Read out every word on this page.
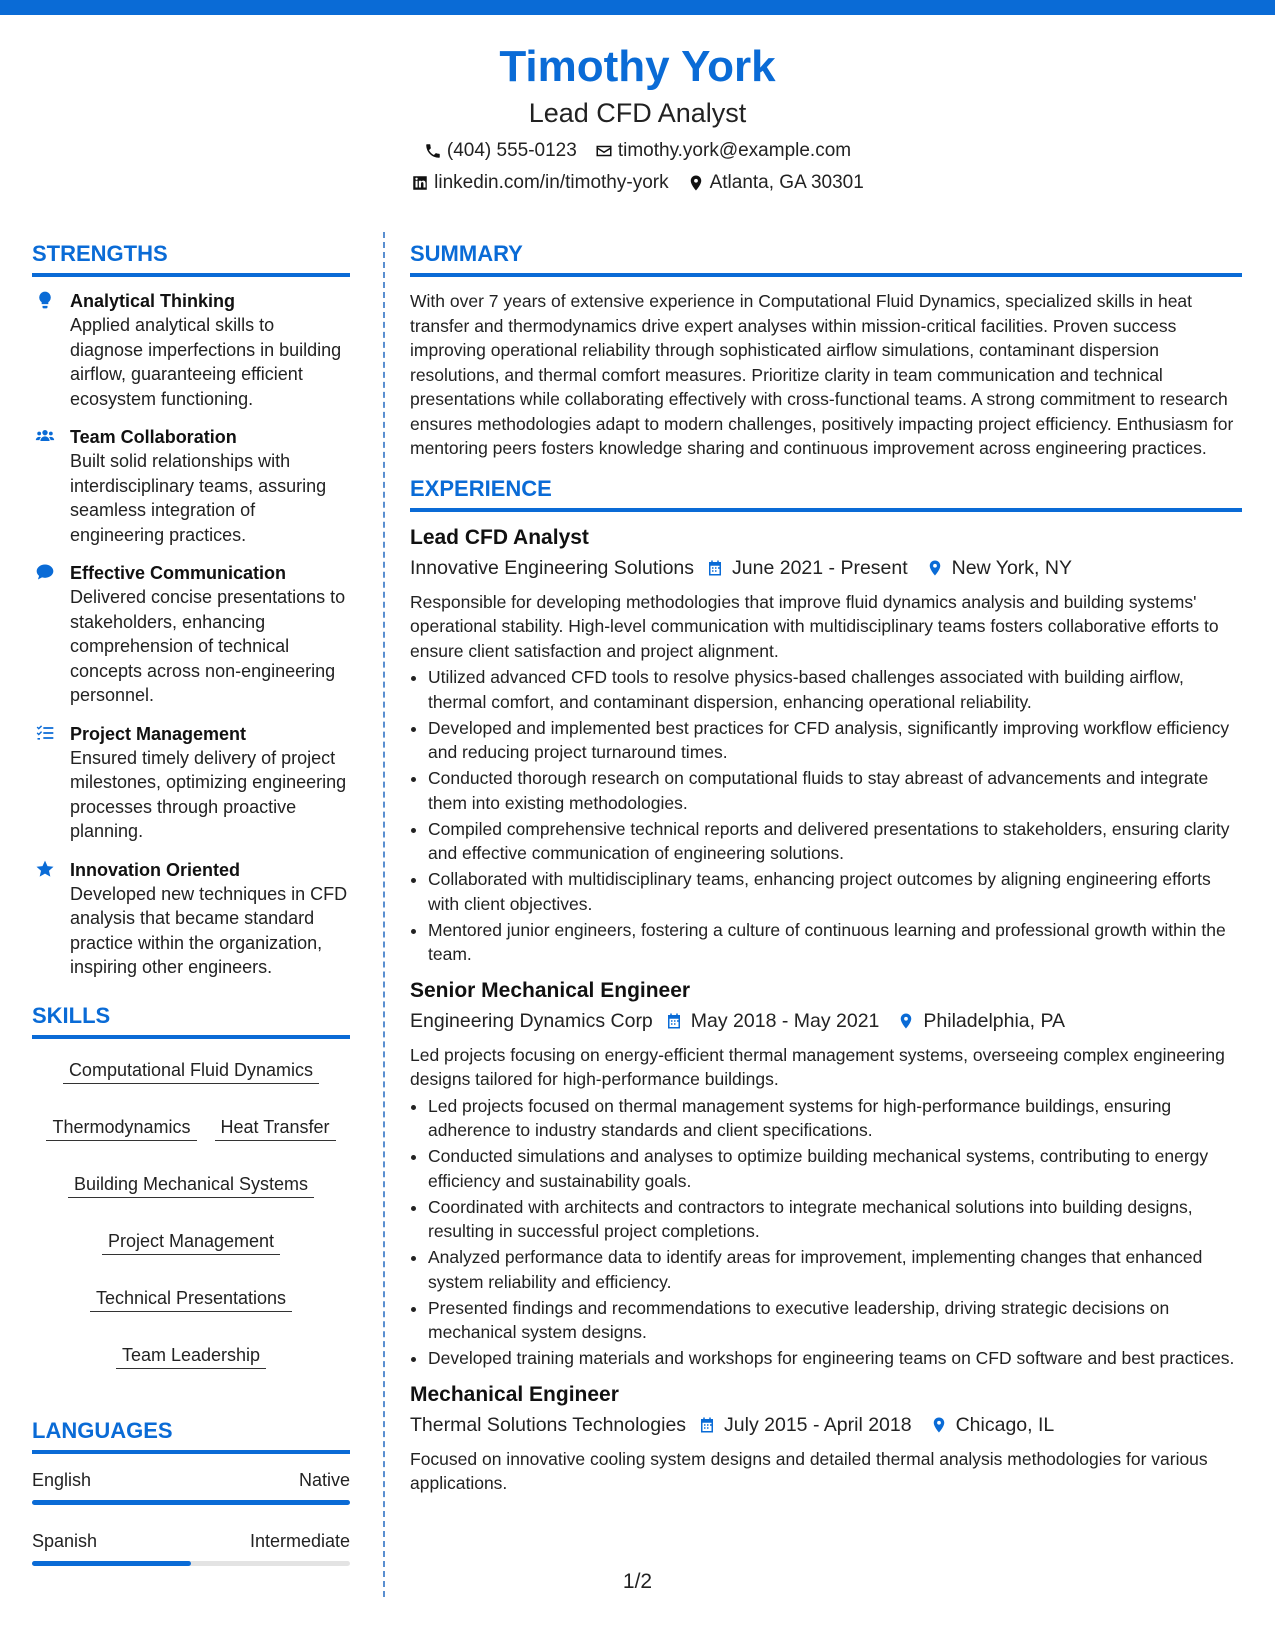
Timothy York
Lead CFD Analyst
(404) 555-0123 timothy.york@example.com
linkedin.com/in/timothy-york Atlanta, GA 30301
STRENGTHS
Analytical Thinking
Applied analytical skills to diagnose imperfections in building airflow, guaranteeing efficient ecosystem functioning.
Team Collaboration
Built solid relationships with interdisciplinary teams, assuring seamless integration of engineering practices.
Effective Communication
Delivered concise presentations to stakeholders, enhancing comprehension of technical concepts across non-engineering personnel.
Project Management
Ensured timely delivery of project milestones, optimizing engineering processes through proactive planning.
Innovation Oriented
Developed new techniques in CFD analysis that became standard practice within the organization, inspiring other engineers.
SKILLS
Computational Fluid Dynamics
Thermodynamics	Heat Transfer
Building Mechanical Systems
Project Management
Technical Presentations
Team Leadership
LANGUAGES
English	Native
Spanish	Intermediate
SUMMARY
With over 7 years of extensive experience in Computational Fluid Dynamics, specialized skills in heat transfer and thermodynamics drive expert analyses within mission-critical facilities. Proven success improving operational reliability through sophisticated airflow simulations, contaminant dispersion resolutions, and thermal comfort measures. Prioritize clarity in team communication and technical presentations while collaborating effectively with cross-functional teams. A strong commitment to research ensures methodologies adapt to modern challenges, positively impacting project efficiency. Enthusiasm for mentoring peers fosters knowledge sharing and continuous improvement across engineering practices.
EXPERIENCE
Lead CFD Analyst
Innovative Engineering Solutions June 2021 - Present New York, NY
Responsible for developing methodologies that improve fluid dynamics analysis and building systems' operational stability. High-level communication with multidisciplinary teams fosters collaborative efforts to ensure client satisfaction and project alignment.
• Utilized advanced CFD tools to resolve physics-based challenges associated with building airflow, thermal comfort, and contaminant dispersion, enhancing operational reliability.
• Developed and implemented best practices for CFD analysis, significantly improving workflow efficiency and reducing project turnaround times.
• Conducted thorough research on computational fluids to stay abreast of advancements and integrate them into existing methodologies.
• Compiled comprehensive technical reports and delivered presentations to stakeholders, ensuring clarity and effective communication of engineering solutions.
• Collaborated with multidisciplinary teams, enhancing project outcomes by aligning engineering efforts with client objectives.
• Mentored junior engineers, fostering a culture of continuous learning and professional growth within the team.
Senior Mechanical Engineer
Engineering Dynamics Corp May 2018 - May 2021 Philadelphia, PA
Led projects focusing on energy-efficient thermal management systems, overseeing complex engineering designs tailored for high-performance buildings.
• Led projects focused on thermal management systems for high-performance buildings, ensuring adherence to industry standards and client specifications.
• Conducted simulations and analyses to optimize building mechanical systems, contributing to energy efficiency and sustainability goals.
• Coordinated with architects and contractors to integrate mechanical solutions into building designs, resulting in successful project completions.
• Analyzed performance data to identify areas for improvement, implementing changes that enhanced system reliability and efficiency.
• Presented findings and recommendations to executive leadership, driving strategic decisions on mechanical system designs.
• Developed training materials and workshops for engineering teams on CFD software and best practices.
Mechanical Engineer
Thermal Solutions Technologies July 2015 - April 2018 Chicago, IL
Focused on innovative cooling system designs and detailed thermal analysis methodologies for various applications.
1/2
